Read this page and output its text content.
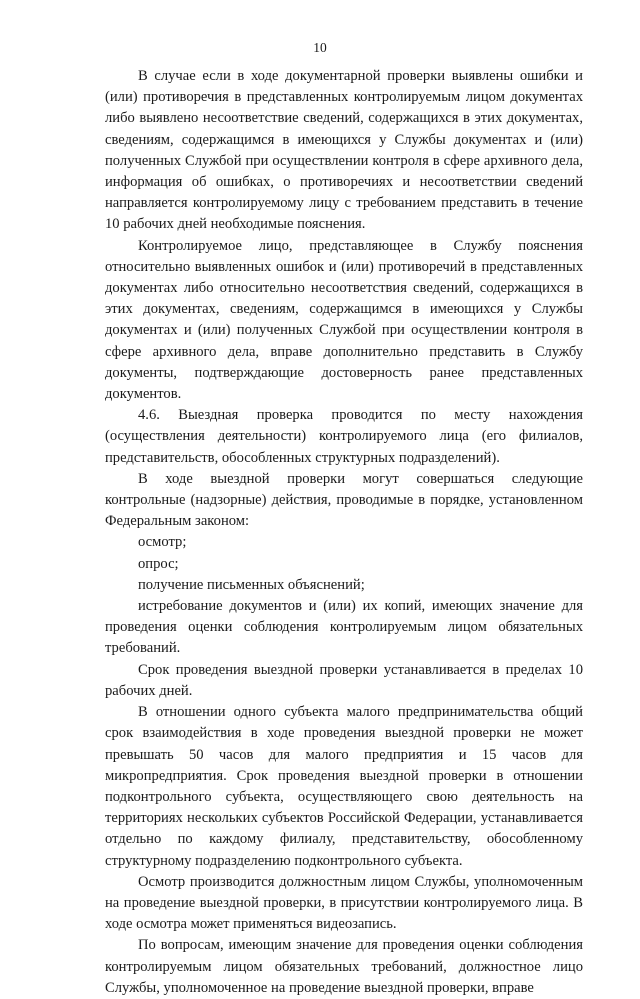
10

В случае если в ходе документарной проверки выявлены ошибки и (или) противоречия в представленных контролируемым лицом документах либо выявлено несоответствие сведений, содержащихся в этих документах, сведениям, содержащимся в имеющихся у Службы документах и (или) полученных Службой при осуществлении контроля в сфере архивного дела, информация об ошибках, о противоречиях и несоответствии сведений направляется контролируемому лицу с требованием представить в течение 10 рабочих дней необходимые пояснения.

Контролируемое лицо, представляющее в Службу пояснения относительно выявленных ошибок и (или) противоречий в представленных документах либо относительно несоответствия сведений, содержащихся в этих документах, сведениям, содержащимся в имеющихся у Службы документах и (или) полученных Службой при осуществлении контроля в сфере архивного дела, вправе дополнительно представить в Службу документы, подтверждающие достоверность ранее представленных документов.

4.6. Выездная проверка проводится по месту нахождения (осуществления деятельности) контролируемого лица (его филиалов, представительств, обособленных структурных подразделений).

В ходе выездной проверки могут совершаться следующие контрольные (надзорные) действия, проводимые в порядке, установленном Федеральным законом:

осмотр;

опрос;

получение письменных объяснений;

истребование документов и (или) их копий, имеющих значение для проведения оценки соблюдения контролируемым лицом обязательных требований.

Срок проведения выездной проверки устанавливается в пределах 10 рабочих дней.

В отношении одного субъекта малого предпринимательства общий срок взаимодействия в ходе проведения выездной проверки не может превышать 50 часов для малого предприятия и 15 часов для микропредприятия. Срок проведения выездной проверки в отношении подконтрольного субъекта, осуществляющего свою деятельность на территориях нескольких субъектов Российской Федерации, устанавливается отдельно по каждому филиалу, представительству, обособленному структурному подразделению подконтрольного субъекта.

Осмотр производится должностным лицом Службы, уполномоченным на проведение выездной проверки, в присутствии контролируемого лица. В ходе осмотра может применяться видеозапись.

По вопросам, имеющим значение для проведения оценки соблюдения контролируемым лицом обязательных требований, должностное лицо Службы, уполномоченное на проведение выездной проверки, вправе
